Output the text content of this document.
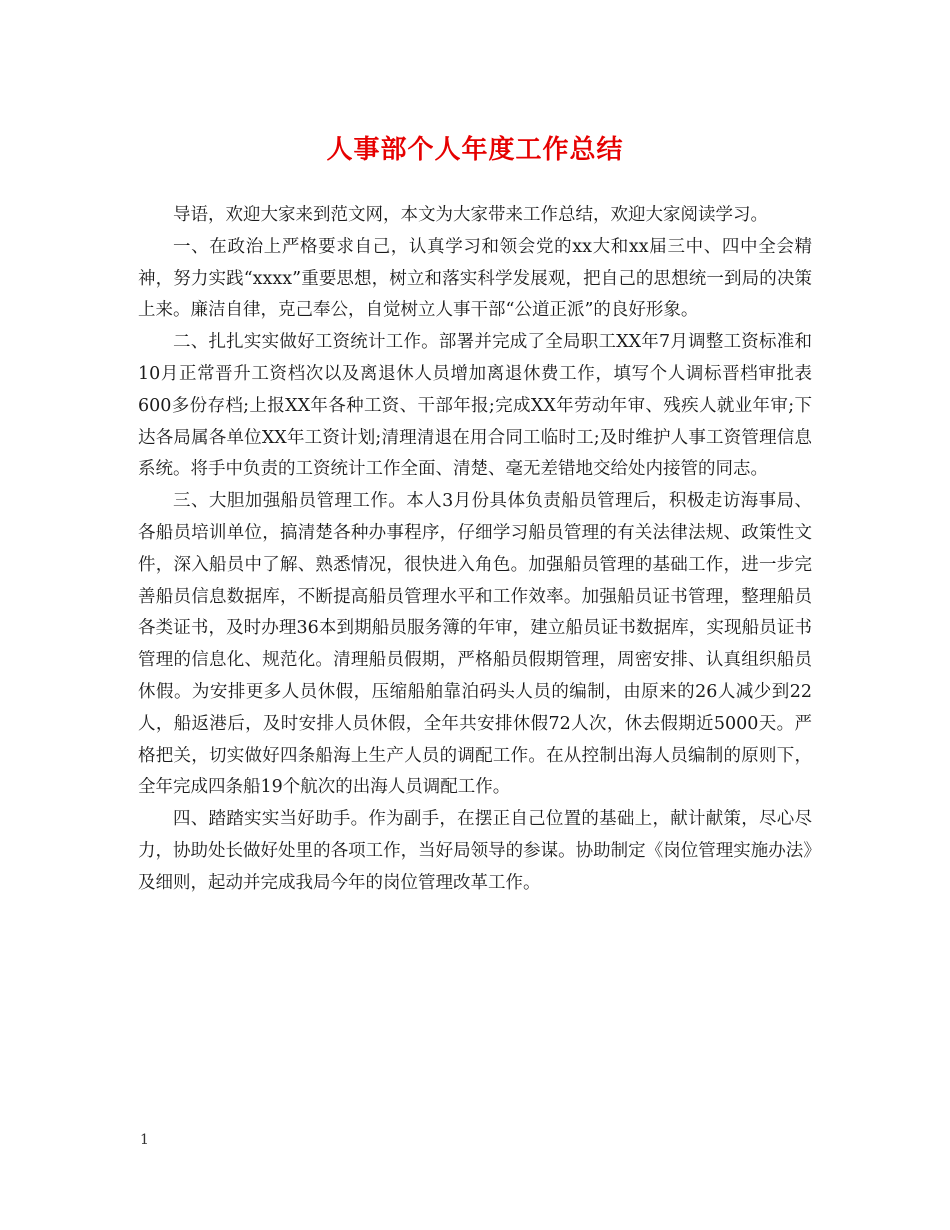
人事部个人年度工作总结

导语，欢迎大家来到范文网，本文为大家带来工作总结，欢迎大家阅读学习。

一、在政治上严格要求自己，认真学习和领会党的xx大和xx届三中、四中全会精神，努力实践“xxxx”重要思想，树立和落实科学发展观，把自己的思想统一到局的决策上来。廉洁自律，克己奉公，自觉树立人事干部“公道正派”的良好形象。

二、扎扎实实做好工资统计工作。部署并完成了全局职工XX年7月调整工资标准和10月正常晋升工资档次以及离退休人员增加离退休费工作，填写个人调标晋档审批表600多份存档;上报XX年各种工资、干部年报;完成XX年劳动年审、残疾人就业年审;下达各局属各单位XX年工资计划;清理清退在用合同工临时工;及时维护人事工资管理信息系统。将手中负责的工资统计工作全面、清楚、毫无差错地交给处内接管的同志。

三、大胆加强船员管理工作。本人3月份具体负责船员管理后，积极走访海事局、各船员培训单位，搞清楚各种办事程序，仔细学习船员管理的有关法律法规、政策性文件，深入船员中了解、熟悉情况，很快进入角色。加强船员管理的基础工作，进一步完善船员信息数据库，不断提高船员管理水平和工作效率。加强船员证书管理，整理船员各类证书，及时办理36本到期船员服务簿的年审，建立船员证书数据库，实现船员证书管理的信息化、规范化。清理船员假期，严格船员假期管理，周密安排、认真组织船员休假。为安排更多人员休假，压缩船舶靠泊码头人员的编制，由原来的26人减少到22人，船返港后，及时安排人员休假，全年共安排休假72人次，休去假期近5000天。严格把关，切实做好四条船海上生产人员的调配工作。在从控制出海人员编制的原则下，全年完成四条船19个航次的出海人员调配工作。

四、踏踏实实当好助手。作为副手，在摆正自己位置的基础上，献计献策，尽心尽力，协助处长做好处里的各项工作，当好局领导的参谋。协助制定《岗位管理实施办法》及细则，起动并完成我局今年的岗位管理改革工作。

1
